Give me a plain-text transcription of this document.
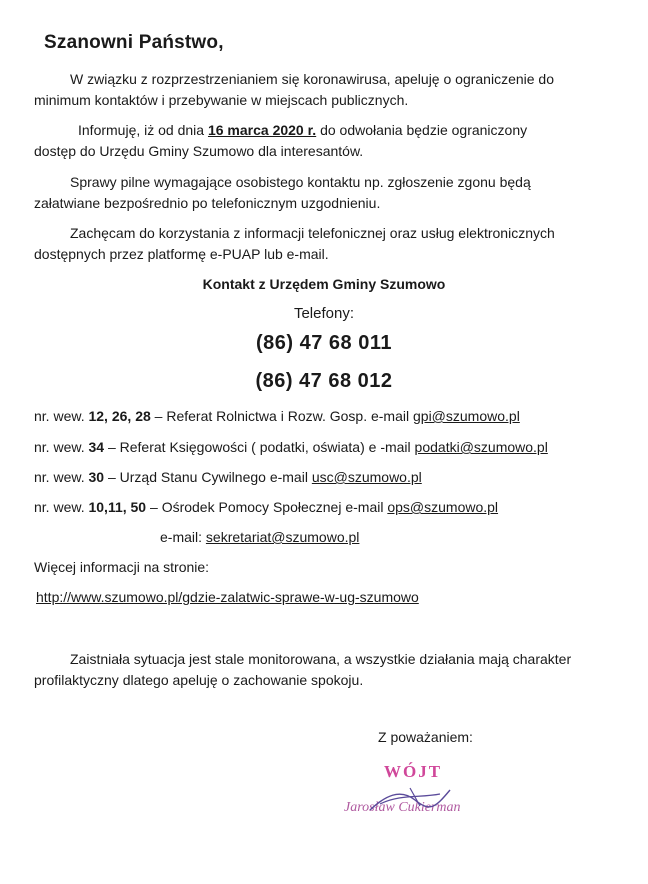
Szanowni Państwo,
W związku z rozprzestrzenianiem się koronawirusa, apeluję o ograniczenie do
minimum kontaktów i przebywanie w miejscach publicznych.
Informuję, iż od dnia 16 marca 2020 r. do odwołania będzie ograniczony
dostęp do Urzędu Gminy Szumowo dla interesantów.
Sprawy pilne wymagające osobistego kontaktu np. zgłoszenie zgonu będą
załatwiane bezpośrednio po telefonicznym uzgodnieniu.
Zachęcam do korzystania z informacji telefonicznej oraz usług elektronicznych
dostępnych przez platformę e-PUAP lub e-mail.
Kontakt z Urzędem Gminy Szumowo
Telefony:
(86) 47 68 011
(86) 47 68 012
nr. wew. 12, 26, 28 – Referat Rolnictwa i Rozw. Gosp. e-mail gpi@szumowo.pl
nr. wew. 34 – Referat Księgowości ( podatki, oświata) e -mail podatki@szumowo.pl
nr. wew. 30 – Urząd Stanu Cywilnego e-mail usc@szumowo.pl
nr. wew. 10,11, 50 – Ośrodek Pomocy Społecznej e-mail ops@szumowo.pl
e-mail: sekretariat@szumowo.pl
Więcej informacji na stronie:
http://www.szumowo.pl/gdzie-zalatwic-sprawe-w-ug-szumowo
Zaistniała sytuacja jest stale monitorowana, a wszystkie działania mają charakter
profilaktyczny dlatego apeluję o zachowanie spokoju.
Z poważaniem:
WÓJT
Jarosław Cukierman
